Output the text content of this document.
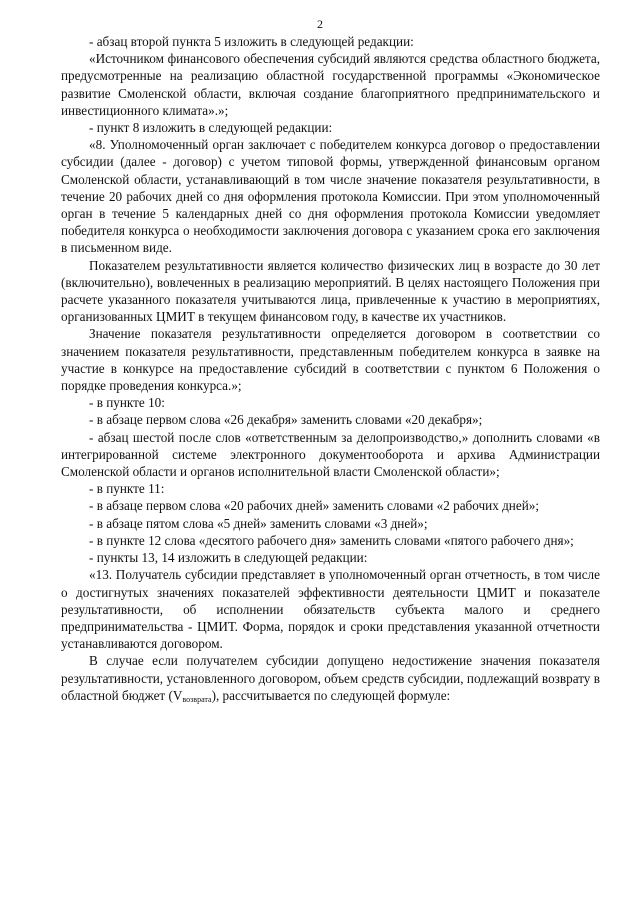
2

- абзац второй пункта 5 изложить в следующей редакции:

«Источником финансового обеспечения субсидий являются средства областного бюджета, предусмотренные на реализацию областной государственной программы «Экономическое развитие Смоленской области, включая создание благоприятного предпринимательского и инвестиционного климата».»;

- пункт 8 изложить в следующей редакции:

«8. Уполномоченный орган заключает с победителем конкурса договор о предоставлении субсидии (далее - договор) с учетом типовой формы, утвержденной финансовым органом Смоленской области, устанавливающий в том числе значение показателя результативности, в течение 20 рабочих дней со дня оформления протокола Комиссии. При этом уполномоченный орган в течение 5 календарных дней со дня оформления протокола Комиссии уведомляет победителя конкурса о необходимости заключения договора с указанием срока его заключения в письменном виде.

Показателем результативности является количество физических лиц в возрасте до 30 лет (включительно), вовлеченных в реализацию мероприятий. В целях настоящего Положения при расчете указанного показателя учитываются лица, привлеченные к участию в мероприятиях, организованных ЦМИТ в текущем финансовом году, в качестве их участников.

Значение показателя результативности определяется договором в соответствии со значением показателя результативности, представленным победителем конкурса в заявке на участие в конкурсе на предоставление субсидий в соответствии с пунктом 6 Положения о порядке проведения конкурса.»;

- в пункте 10:

- в абзаце первом слова «26 декабря» заменить словами «20 декабря»;

- абзац шестой после слов «ответственным за делопроизводство,» дополнить словами «в интегрированной системе электронного документооборота и архива Администрации Смоленской области и органов исполнительной власти Смоленской области»;

- в пункте 11:

- в абзаце первом слова «20 рабочих дней» заменить словами «2 рабочих дней»;

- в абзаце пятом слова «5 дней» заменить словами «3 дней»;

- в пункте 12 слова «десятого рабочего дня» заменить словами «пятого рабочего дня»;

- пункты 13, 14 изложить в следующей редакции:

«13. Получатель субсидии представляет в уполномоченный орган отчетность, в том числе о достигнутых значениях показателей эффективности деятельности ЦМИТ и показателе результативности, об исполнении обязательств субъекта малого и среднего предпринимательства - ЦМИТ. Форма, порядок и сроки представления указанной отчетности устанавливаются договором.

В случае если получателем субсидии допущено недостижение значения показателя результативности, установленного договором, объем средств субсидии, подлежащий возврату в областной бюджет $(V_{возврата})$, рассчитывается по следующей формуле:
